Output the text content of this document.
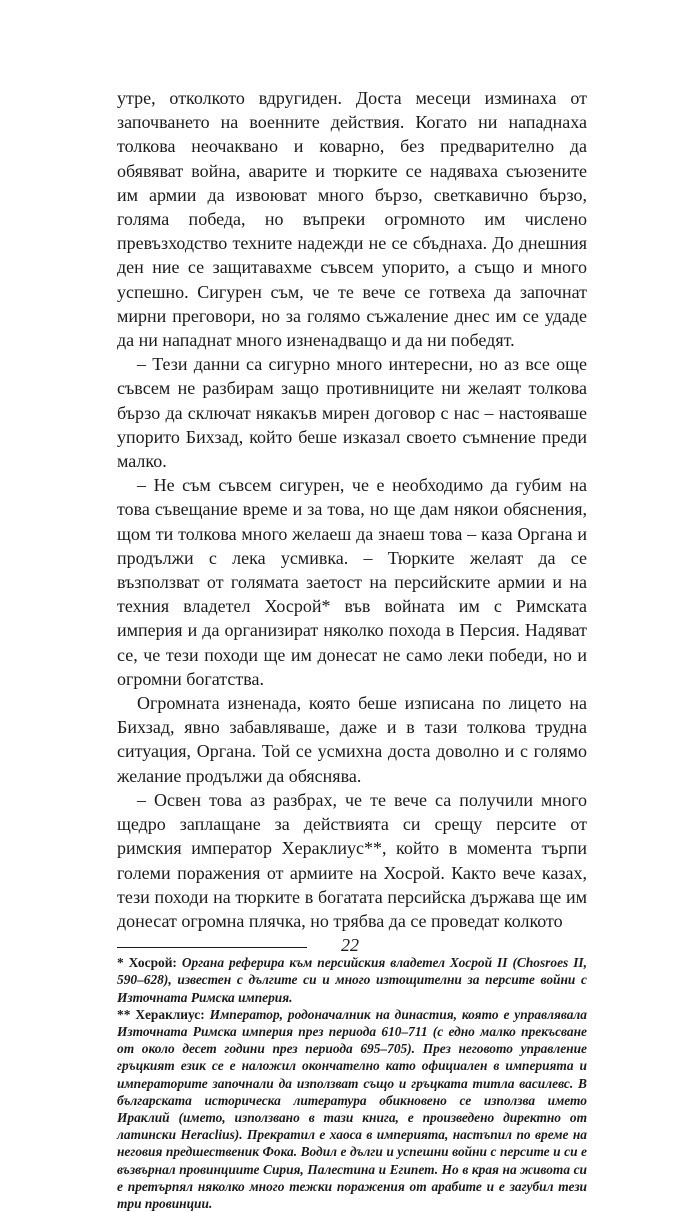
утре, отколкото вдругиден. Доста месеци изминаха от започването на военните действия. Когато ни нападнаха толкова неочаквано и коварно, без предварително да обявяват война, аварите и тюрките се надяваха съюзените им армии да извоюват много бързо, светкавично бързо, голяма победа, но въпреки огромното им числено превъзходство техните надежди не се сбъднаха. До днешния ден ние се защитавахме съвсем упорито, а също и много успешно. Сигурен съм, че те вече се готвеха да започнат мирни преговори, но за голямо съжаление днес им се удаде да ни нападнат много изненадващо и да ни победят.

– Тези данни са сигурно много интересни, но аз все още съвсем не разбирам защо противниците ни желаят толкова бързо да сключат някакъв мирен договор с нас – настояваше упорито Бихзад, който беше изказал своето съмнение преди малко.

– Не съм съвсем сигурен, че е необходимо да губим на това съвещание време и за това, но ще дам някои обяснения, щом ти толкова много желаеш да знаеш това – каза Органа и продължи с лека усмивка. – Тюрките желаят да се възползват от голямата заетост на персийските армии и на техния владетел Хосрой* във войната им с Римската империя и да организират няколко похода в Персия. Надяват се, че тези походи ще им донесат не само леки победи, но и огромни богатства.

Огромната изненада, която беше изписана по лицето на Бихзад, явно забавляваше, даже и в тази толкова трудна ситуация, Органа. Той се усмихна доста доволно и с голямо желание продължи да обяснява.

– Освен това аз разбрах, че те вече са получили много щедро заплащане за действията си срещу персите от римския император Хераклиус**, който в момента търпи големи поражения от армиите на Хосрой. Както вече казах, тези походи на тюрките в богатата персийска държава ще им донесат огромна плячка, но трябва да се проведат колкото

* Хосрой: Органа реферира към персийския владетел Хосрой II (Chosroes II, 590–628), известен с дългите си и много изтощителни за персите войни с Източната Римска империя.

** Хераклиус: Император, родоначалник на династия, която е управлявала Източната Римска империя през периода 610–711 (с едно малко прекъсване от около десет години през периода 695–705). През неговото управление гръцкият език се е наложил окончателно като официален в империята и императорите започнали да използват също и гръцката титла василевс. В българската историческа литература обикновено се използва името Ираклий (името, използвано в тази книга, е произведено директно от латински Heraclius). Прекратил е хаоса в империята, настъпил по време на неговия предшественик Фока. Водил е дълги и успешни войни с персите и си е възвърнал провинциите Сирия, Палестина и Египет. Но в края на живота си е претърпял няколко много тежки поражения от арабите и е загубил тези три провинции.

22
